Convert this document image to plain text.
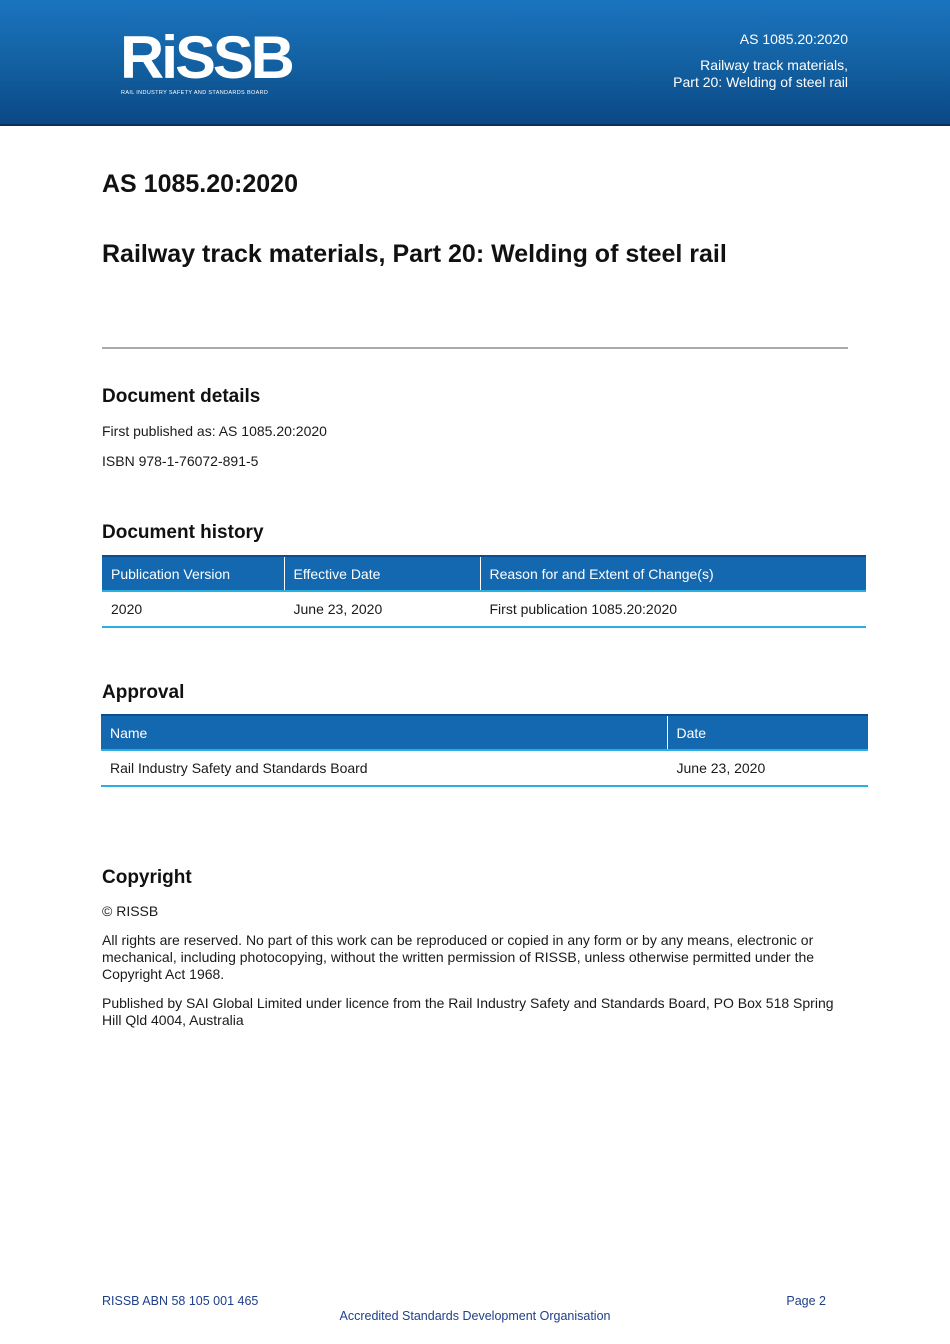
RiSSB
RAIL INDUSTRY SAFETY AND STANDARDS BOARD
AS 1085.20:2020
Railway track materials,
Part 20: Welding of steel rail
AS 1085.20:2020
Railway track materials, Part 20: Welding of steel rail
Document details
First published as: AS 1085.20:2020
ISBN 978-1-76072-891-5
Document history
Publication Version	Effective Date	Reason for and Extent of Change(s)
2020	June 23, 2020	First publication 1085.20:2020
Approval
Name	Date
Rail Industry Safety and Standards Board	June 23, 2020
Copyright
© RISSB
All rights are reserved. No part of this work can be reproduced or copied in any form or by any means, electronic or mechanical, including photocopying, without the written permission of RISSB, unless otherwise permitted under the Copyright Act 1968.
Published by SAI Global Limited under licence from the Rail Industry Safety and Standards Board, PO Box 518 Spring Hill Qld 4004, Australia
RISSB ABN 58 105 001 465	Page 2
Accredited Standards Development Organisation
